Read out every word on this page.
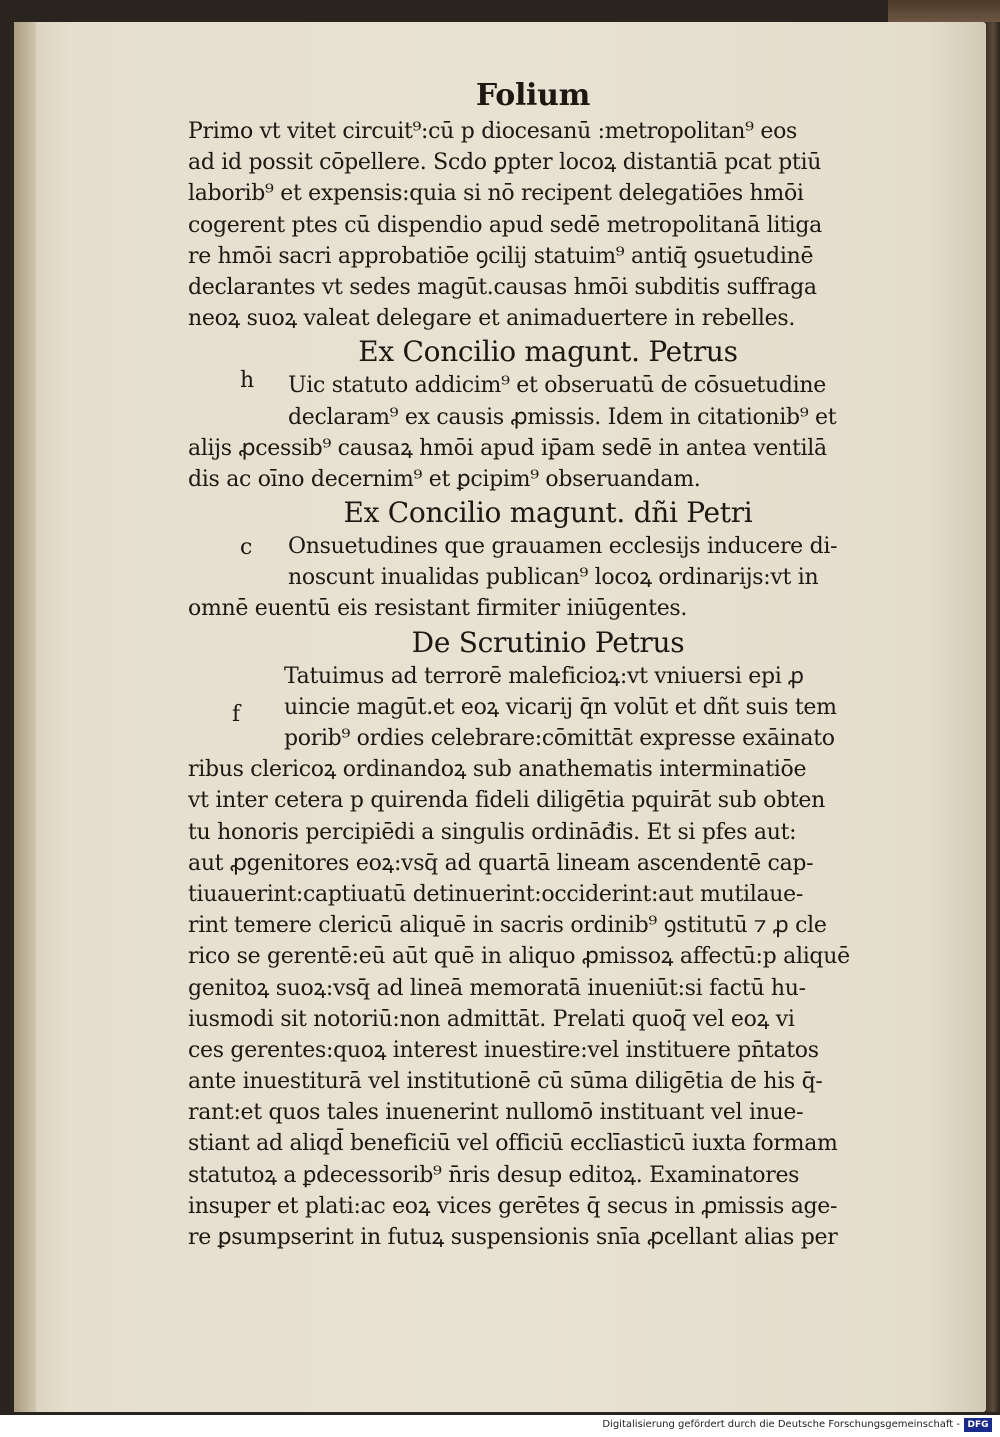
Folium
Primo vt vitet circuit⁹:cū p diocesanū :metropolitan⁹ eos
ad id possit cōpellere. Scdo ꝑpter locoꝝ distantiā pcat ptiū
laborib⁹ et expensis:quia si nō recipent delegatiōes hmōi
cogerent ptes cū dispendio apud sedē metropolitanā litiga
re hmōi sacri approbatiōe ꝯcilij statuim⁹ antiq̄ ꝯsuetudinē
declarantes vt sedes magūt.causas hmōi subditis suffraga
neoꝝ suoꝝ valeat delegare et animaduertere in rebelles.
Ex Concilio magunt. Petrus
Uic statuto addicim⁹ et obseruatū de cōsuetudine
declaram⁹ ex causis ꝓmissis. Idem in citationib⁹ et
alijs ꝓcessib⁹ causaꝝ hmōi apud ip̄am sedē in antea ventilā
dis ac oīno decernim⁹ et ꝑcipim⁹ obseruandam.
Ex Concilio magunt. dñi Petri
Onsuetudines que grauamen ecclesijs inducere di-
noscunt inualidas publican⁹ locoꝝ ordinarijs:vt in
omnē euentū eis resistant firmiter iniūgentes.
De Scrutinio Petrus
Tatuimus ad terrorē maleficioꝝ:vt vniuersi epi ꝓ
uincie magūt.et eoꝝ vicarij q̄n volūt et dñt suis tem
porib⁹ ordies celebrare:cōmittāt expresse exāinato
ribus clericoꝝ ordinandoꝝ sub anathematis interminatiōe
vt inter cetera p quirenda fideli diligētia pquirāt sub obten
tu honoris percipiēdi a singulis ordināđis. Et si pfes aut:
aut ꝓgenitores eoꝝ:vsq̄ ad quartā lineam ascendentē cap-
tiuauerint:captiuatū detinuerint:occiderint:aut mutilaue-
rint temere clericū aliquē in sacris ordinib⁹ ꝯstitutū ⁊ ꝓ cle
rico se gerentē:eū aūt quē in aliquo ꝓmissoꝝ affectū:p aliquē
genitoꝝ suoꝝ:vsq̄ ad lineā memoratā inueniūt:si factū hu-
iusmodi sit notoriū:non admittāt. Prelati quoq̄ vel eoꝝ vi
ces gerentes:quoꝝ interest inuestire:vel instituere pn̄tatos
ante inuestiturā vel institutionē cū sūma diligētia de his q̄-
rant:et quos tales inuenerint nullomō instituant vel inue-
stiant ad aliqd̄ beneficiū vel officiū ecclīasticū iuxta formam
statutoꝝ a ꝑdecessorib⁹ n̄ris desup editoꝝ. Examinatores
insuper et plati:ac eoꝝ vices gerētes q̄ secus in ꝓmissis age-
re ꝑsumpserint in futuꝝ suspensionis snīa ꝓcellant alias per
h
c
f
Digitalisierung gefördert durch die Deutsche Forschungsgemeinschaft - DFG
